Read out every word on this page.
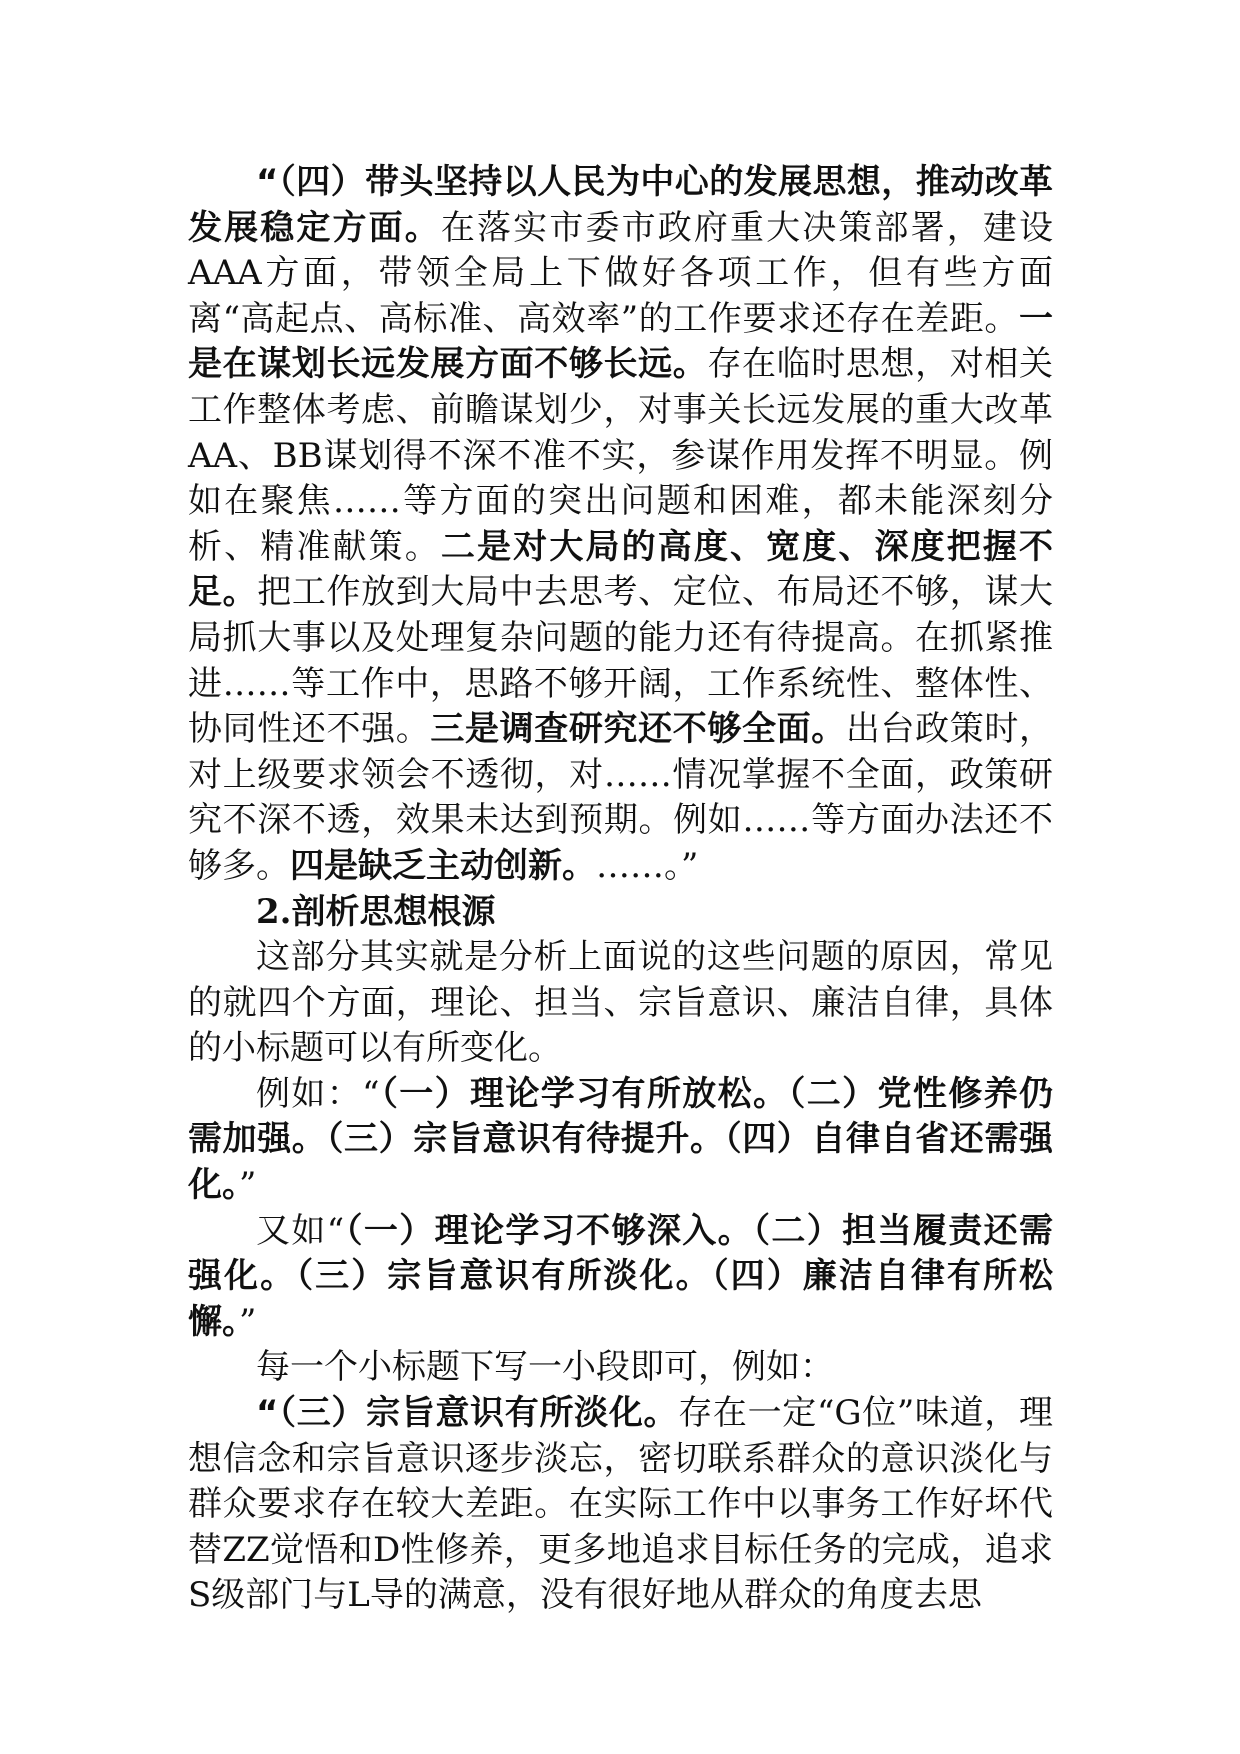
“（四）带头坚持以人民为中心的发展思想，推动改革发展稳定方面。在落实市委市政府重大决策部署，建设AAA方面，带领全局上下做好各项工作，但有些方面离“高起点、高标准、高效率”的工作要求还存在差距。一是在谋划长远发展方面不够长远。存在临时思想，对相关工作整体考虑、前瞻谋划少，对事关长远发展的重大改革AA、BB谋划得不深不准不实，参谋作用发挥不明显。例如在聚焦……等方面的突出问题和困难，都未能深刻分析、精准献策。二是对大局的高度、宽度、深度把握不足。把工作放到大局中去思考、定位、布局还不够，谋大局抓大事以及处理复杂问题的能力还有待提高。在抓紧推进……等工作中，思路不够开阔，工作系统性、整体性、协同性还不强。三是调查研究还不够全面。出台政策时，对上级要求领会不透彻，对……情况掌握不全面，政策研究不深不透，效果未达到预期。例如……等方面办法还不够多。四是缺乏主动创新。……。”

2.剖析思想根源

这部分其实就是分析上面说的这些问题的原因，常见的就四个方面，理论、担当、宗旨意识、廉洁自律，具体的小标题可以有所变化。

例如：“（一）理论学习有所放松。（二）党性修养仍需加强。（三）宗旨意识有待提升。（四）自律自省还需强化。”

又如“（一）理论学习不够深入。（二）担当履责还需强化。（三）宗旨意识有所淡化。（四）廉洁自律有所松懈。”

每一个小标题下写一小段即可，例如：

“（三）宗旨意识有所淡化。存在一定“G位”味道，理想信念和宗旨意识逐步淡忘，密切联系群众的意识淡化与群众要求存在较大差距。在实际工作中以事务工作好坏代替ZZ觉悟和D性修养，更多地追求目标任务的完成，追求S级部门与L导的满意，没有很好地从群众的角度去思
